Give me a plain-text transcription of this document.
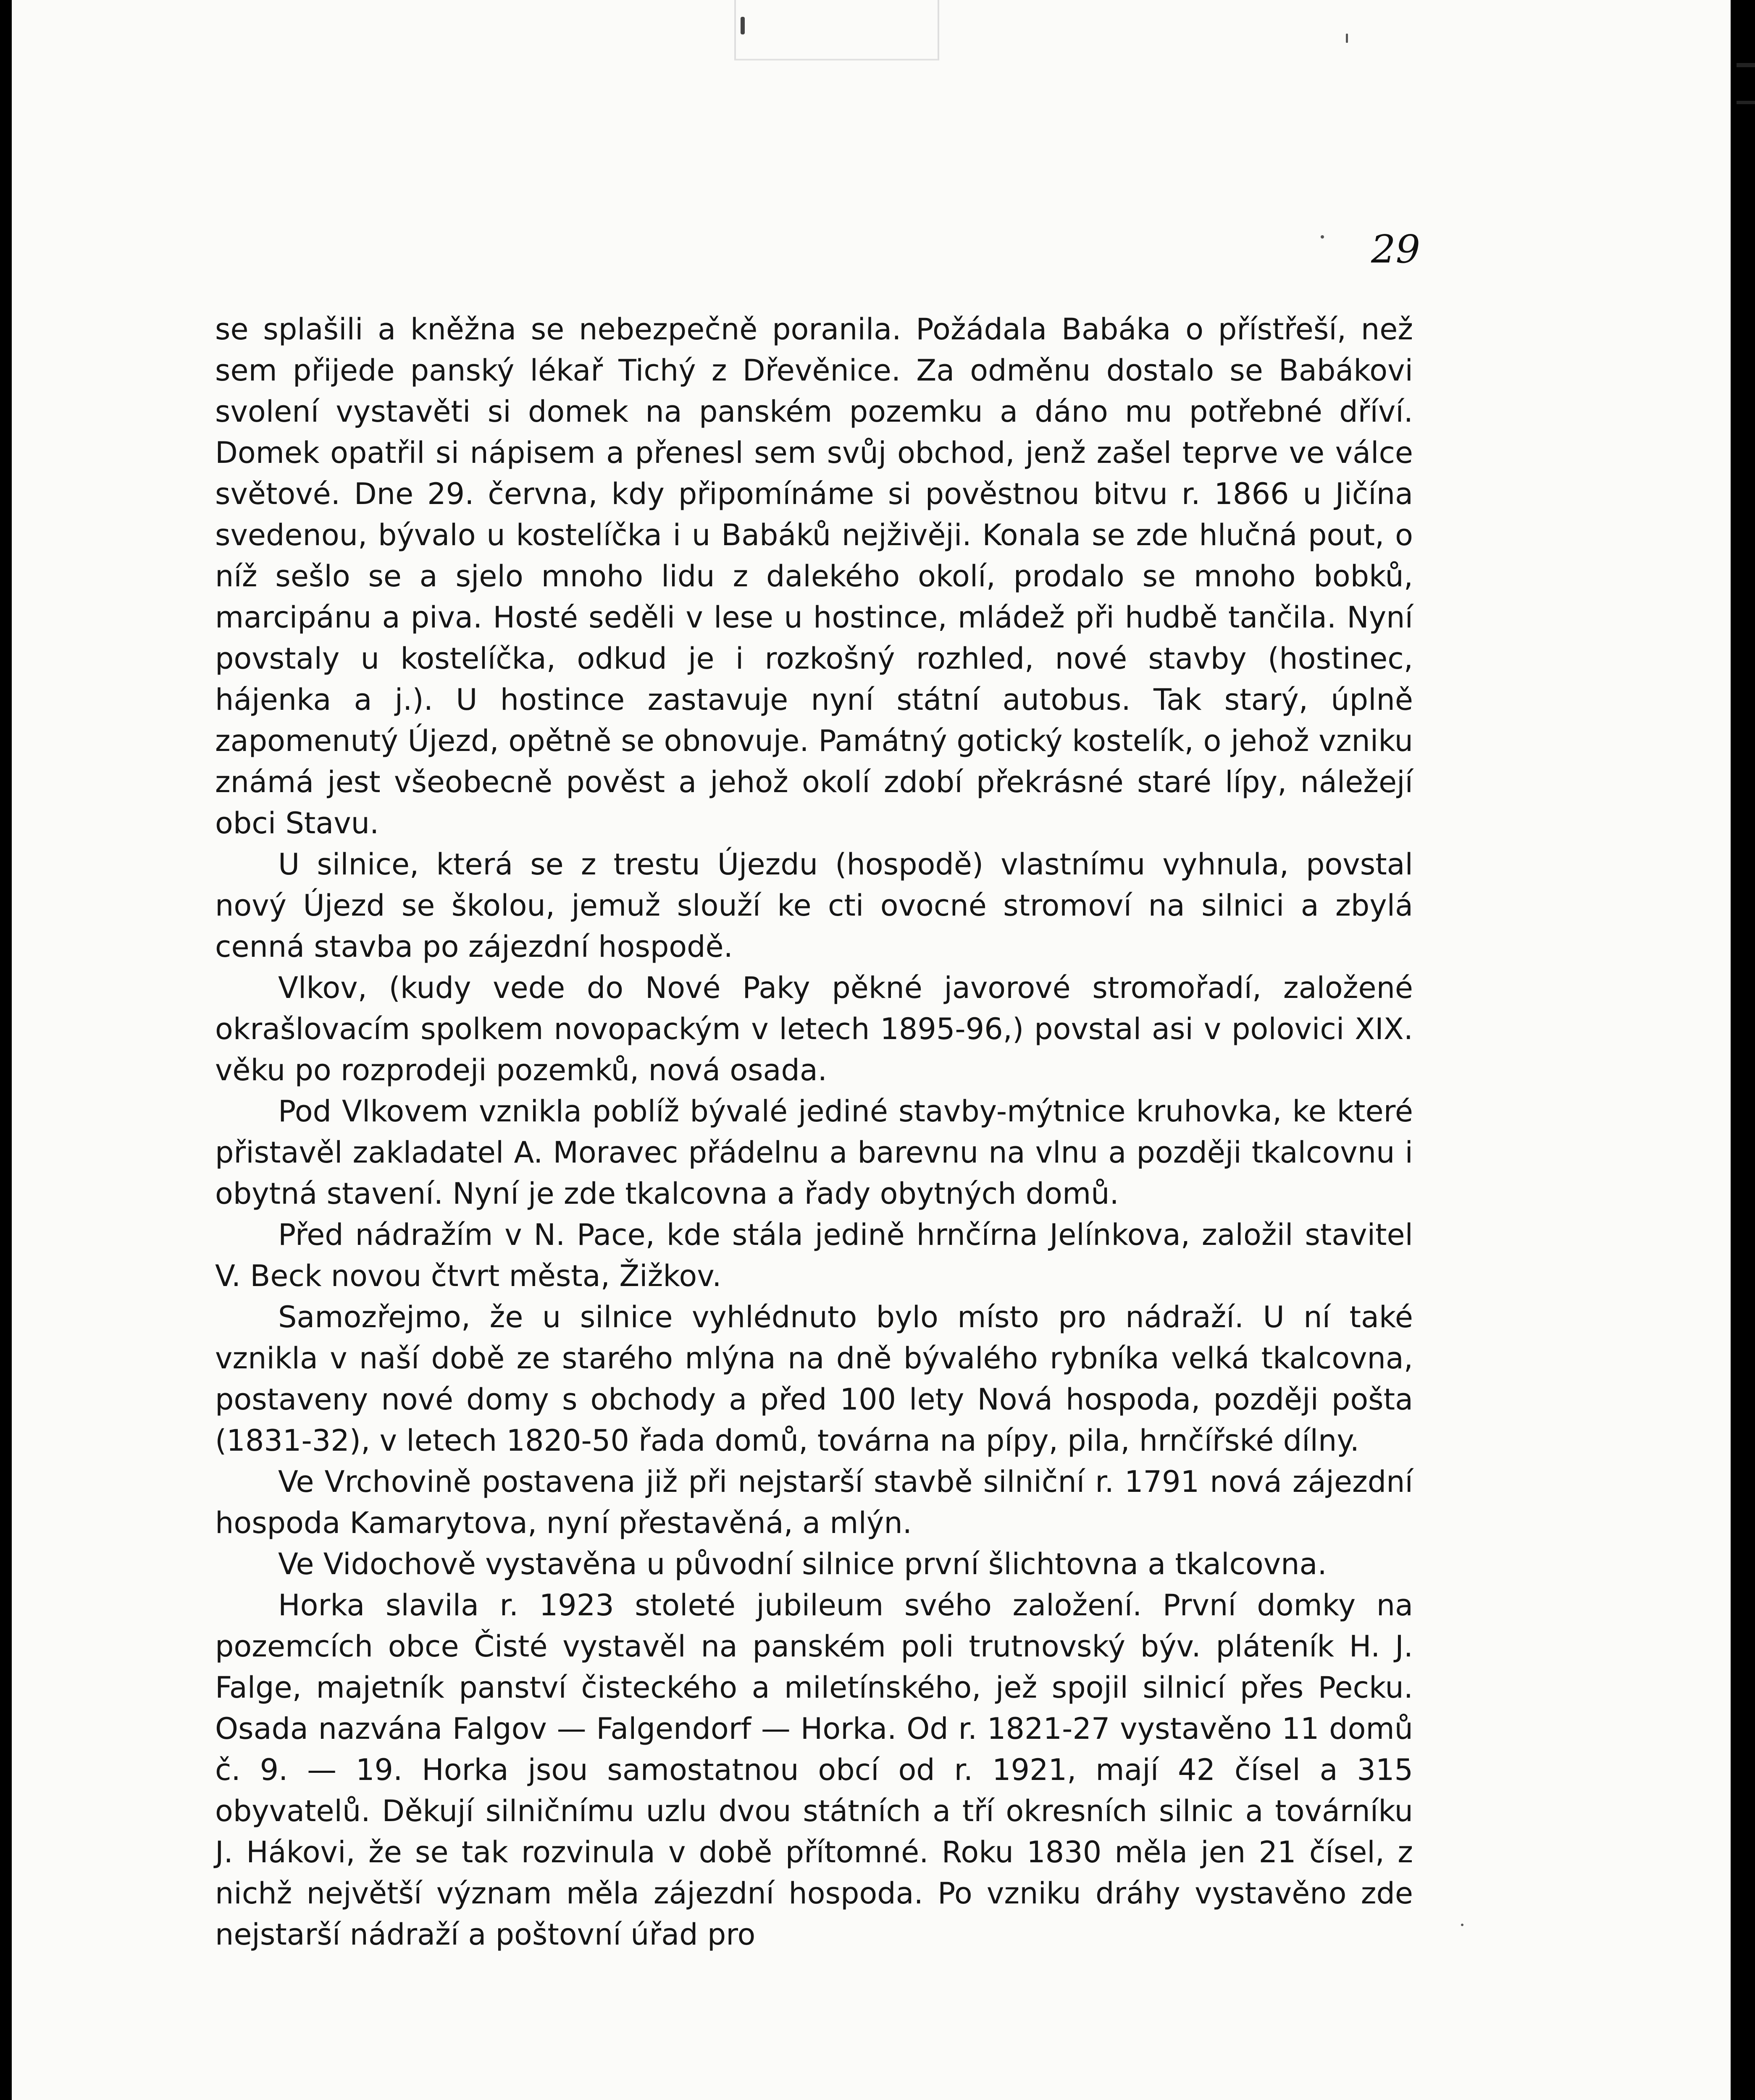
29

se splašili a kněžna se nebezpečně poranila. Požádala Babáka o přístřeší, než sem přijede panský lékař Tichý z Dřevěnice. Za odměnu dostalo se Babákovi svolení vystavěti si domek na panském pozemku a dáno mu potřebné dříví. Domek opatřil si nápisem a přenesl sem svůj obchod, jenž zašel teprve ve válce světové. Dne 29. června, kdy připomínáme si pověstnou bitvu r. 1866 u Jičína svedenou, bývalo u kostelíčka i u Babáků nejživěji. Konala se zde hlučná pout, o níž sešlo se a sjelo mnoho lidu z dalekého okolí, prodalo se mnoho bobků, marcipánu a piva. Hosté seděli v lese u hostince, mládež při hudbě tančila. Nyní povstaly u kostelíčka, odkud je i rozkošný rozhled, nové stavby (hostinec, hájenka a j.). U hostince zastavuje nyní státní autobus. Tak starý, úplně zapomenutý Újezd, opětně se obnovuje. Památný gotický kostelík, o jehož vzniku známá jest všeobecně pověst a jehož okolí zdobí překrásné staré lípy, náležejí obci Stavu.

U silnice, která se z trestu Újezdu (hospodě) vlastnímu vyhnula, povstal nový Újezd se školou, jemuž slouží ke cti ovocné stromoví na silnici a zbylá cenná stavba po zájezdní hospodě.

Vlkov, (kudy vede do Nové Paky pěkné javorové stromořadí, založené okrašlovacím spolkem novopackým v letech 1895-96,) povstal asi v polovici XIX. věku po rozprodeji pozemků, nová osada.

Pod Vlkovem vznikla poblíž bývalé jediné stavby-mýtnice kruhovka, ke které přistavěl zakladatel A. Moravec přádelnu a barevnu na vlnu a později tkalcovnu i obytná stavení. Nyní je zde tkalcovna a řady obytných domů.

Před nádražím v N. Pace, kde stála jedině hrnčírna Jelínkova, založil stavitel V. Beck novou čtvrt města, Žižkov.

Samozřejmo, že u silnice vyhlédnuto bylo místo pro nádraží. U ní také vznikla v naší době ze starého mlýna na dně bývalého rybníka velká tkalcovna, postaveny nové domy s obchody a před 100 lety Nová hospoda, později pošta (1831-32), v letech 1820-50 řada domů, továrna na pípy, pila, hrnčířské dílny.

Ve Vrchovině postavena již při nejstarší stavbě silniční r. 1791 nová zájezdní hospoda Kamarytova, nyní přestavěná, a mlýn.

Ve Vidochově vystavěna u původní silnice první šlichtovna a tkalcovna.

Horka slavila r. 1923 stoleté jubileum svého založení. První domky na pozemcích obce Čisté vystavěl na panském poli trutnovský býv. pláteník H. J. Falge, majetník panství čisteckého a miletínského, jež spojil silnicí přes Pecku. Osada nazvána Falgov — Falgendorf — Horka. Od r. 1821-27 vystavěno 11 domů č. 9. — 19. Horka jsou samostatnou obcí od r. 1921, mají 42 čísel a 315 obyvatelů. Děkují silničnímu uzlu dvou státních a tří okresních silnic a továrníku J. Hákovi, že se tak rozvinula v době přítomné. Roku 1830 měla jen 21 čísel, z nichž největší význam měla zájezdní hospoda. Po vzniku dráhy vystavěno zde nejstarší nádraží a poštovní úřad pro
